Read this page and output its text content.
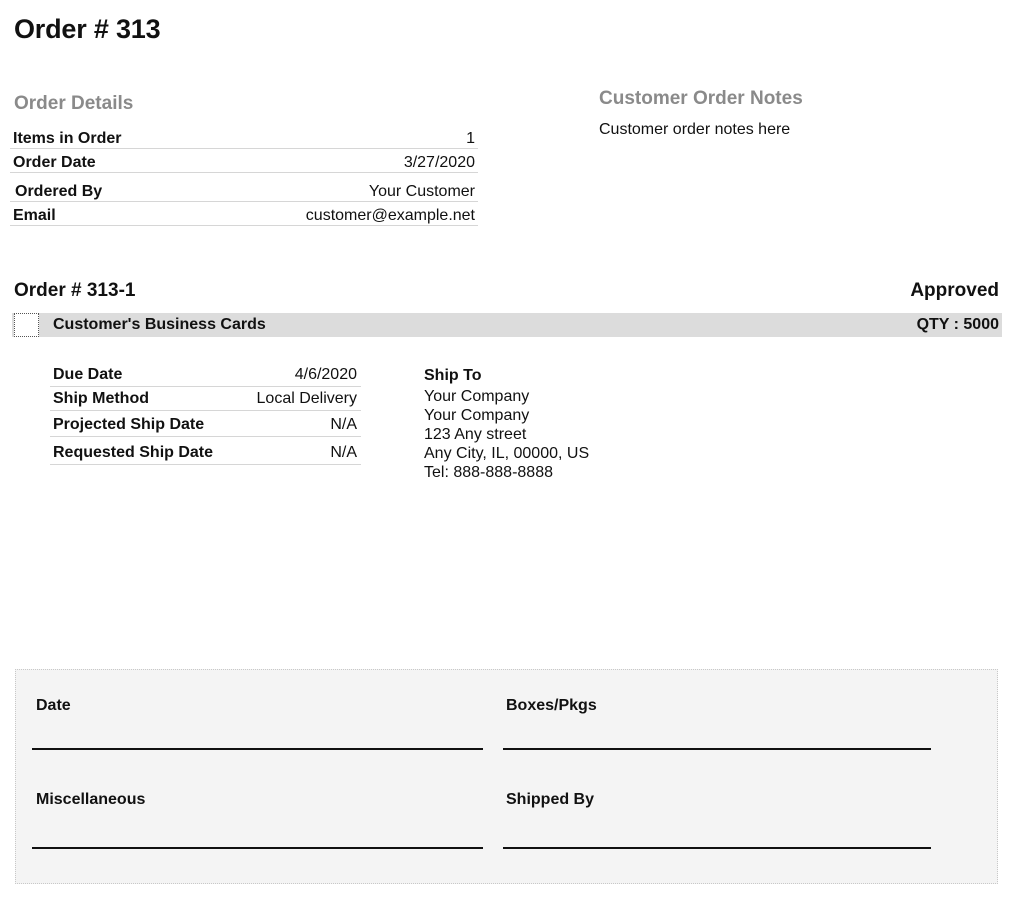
Order # 313
Order Details
Items in Order	1
Order Date	3/27/2020
Ordered By	Your Customer
Email	customer@example.net
Customer Order Notes
Customer order notes here
Order # 313-1	Approved
Customer's Business Cards	QTY : 5000
Due Date	4/6/2020
Ship Method	Local Delivery
Projected Ship Date	N/A
Requested Ship Date	N/A
Ship To
Your Company
Your Company
123 Any street
Any City, IL, 00000, US
Tel: 888-888-8888
Date	Boxes/Pkgs
Miscellaneous	Shipped By
